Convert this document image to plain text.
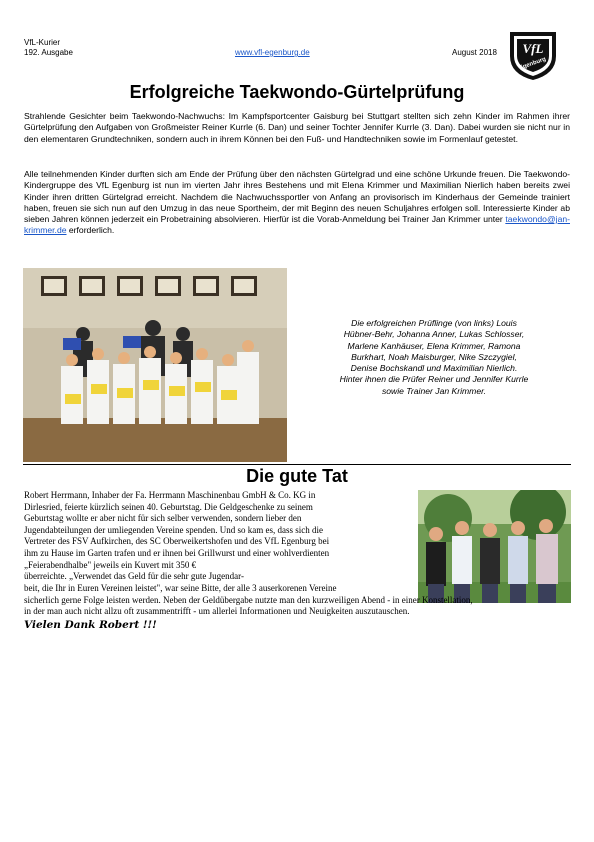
VfL-Kurier
192. Ausgabe	www.vfl-egenburg.de	August 2018 VfL
Egenburg
Erfolgreiche Taekwondo-Gürtelprüfung
Strahlende Gesichter beim Taekwondo-Nachwuchs: Im Kampfsportcenter Gaisburg bei Stuttgart stellten sich zehn Kinder im Rahmen ihrer Gürtelprüfung den Aufgaben von Großmeister Reiner Kurrle (6. Dan) und seiner Tochter Jennifer Kurrle (3. Dan). Dabei wurden sie nicht nur in den elementaren Grundtechniken, sondern auch in ihrem Können bei den Fuß- und Handtechniken sowie im Formenlauf getestet.
Alle teilnehmenden Kinder durften sich am Ende der Prüfung über den nächsten Gürtelgrad und eine schöne Urkunde freuen. Die Taekwondo-Kindergruppe des VfL Egenburg ist nun im vierten Jahr ihres Bestehens und mit Elena Krimmer und Maximilian Nierlich haben bereits zwei Kinder ihren dritten Gürtelgrad erreicht. Nachdem die Nachwuchssportler von Anfang an provisorisch im Kinderhaus der Gemeinde trainiert haben, freuen sie sich nun auf den Umzug in das neue Sportheim, der mit Beginn des neuen Schuljahres erfolgen soll. Interessierte Kinder ab sieben Jahren können jederzeit ein Probetraining absolvieren. Hierfür ist die Vorab-Anmeldung bei Trainer Jan Krimmer unter taekwondo@jan-krimmer.de erforderlich.
Die erfolgreichen Prüflinge (von links) Louis
Hübner-Behr, Johanna Anner, Lukas Schlosser,
Marlene Kanhäuser, Elena Krimmer, Ramona
Burkhart, Noah Maisburger, Nike Szczygiel,
Denise Bochskandl und Maximilian Nierlich.
Hinter ihnen die Prüfer Reiner und Jennifer Kurrle
sowie Trainer Jan Krimmer.
Die gute Tat
Robert Herrmann, Inhaber der Fa. Herrmann Maschinenbau GmbH & Co. KG in
Dirlesried, feierte kürzlich seinen 40. Geburtstag. Die Geldgeschenke zu seinem
Geburtstag wollte er aber nicht für sich selber verwenden, sondern lieber den
Jugendabteilungen der umliegenden Vereine spenden. Und so kam es, dass sich die
Vertreter des FSV Aufkirchen, des SC Oberweikertshofen und des VfL Egenburg bei
ihm zu Hause im Garten trafen und er ihnen bei Grillwurst und einer wohlverdienten
„Feierabendhalbe" jeweils ein Kuvert mit 350 €
überreichte. „Verwendet das Geld für die sehr gute Jugendar-
beit, die Ihr in Euren Vereinen leistet", war seine Bitte, der alle 3 auserkorenen Vereine
sicherlich gerne Folge leisten werden. Neben der Geldübergabe nutzte man den kurzweiligen Abend - in einer Konstellation,
in der man auch nicht allzu oft zusammentrifft - um allerlei Informationen und Neuigkeiten auszutauschen.
Vielen Dank Robert !!!
